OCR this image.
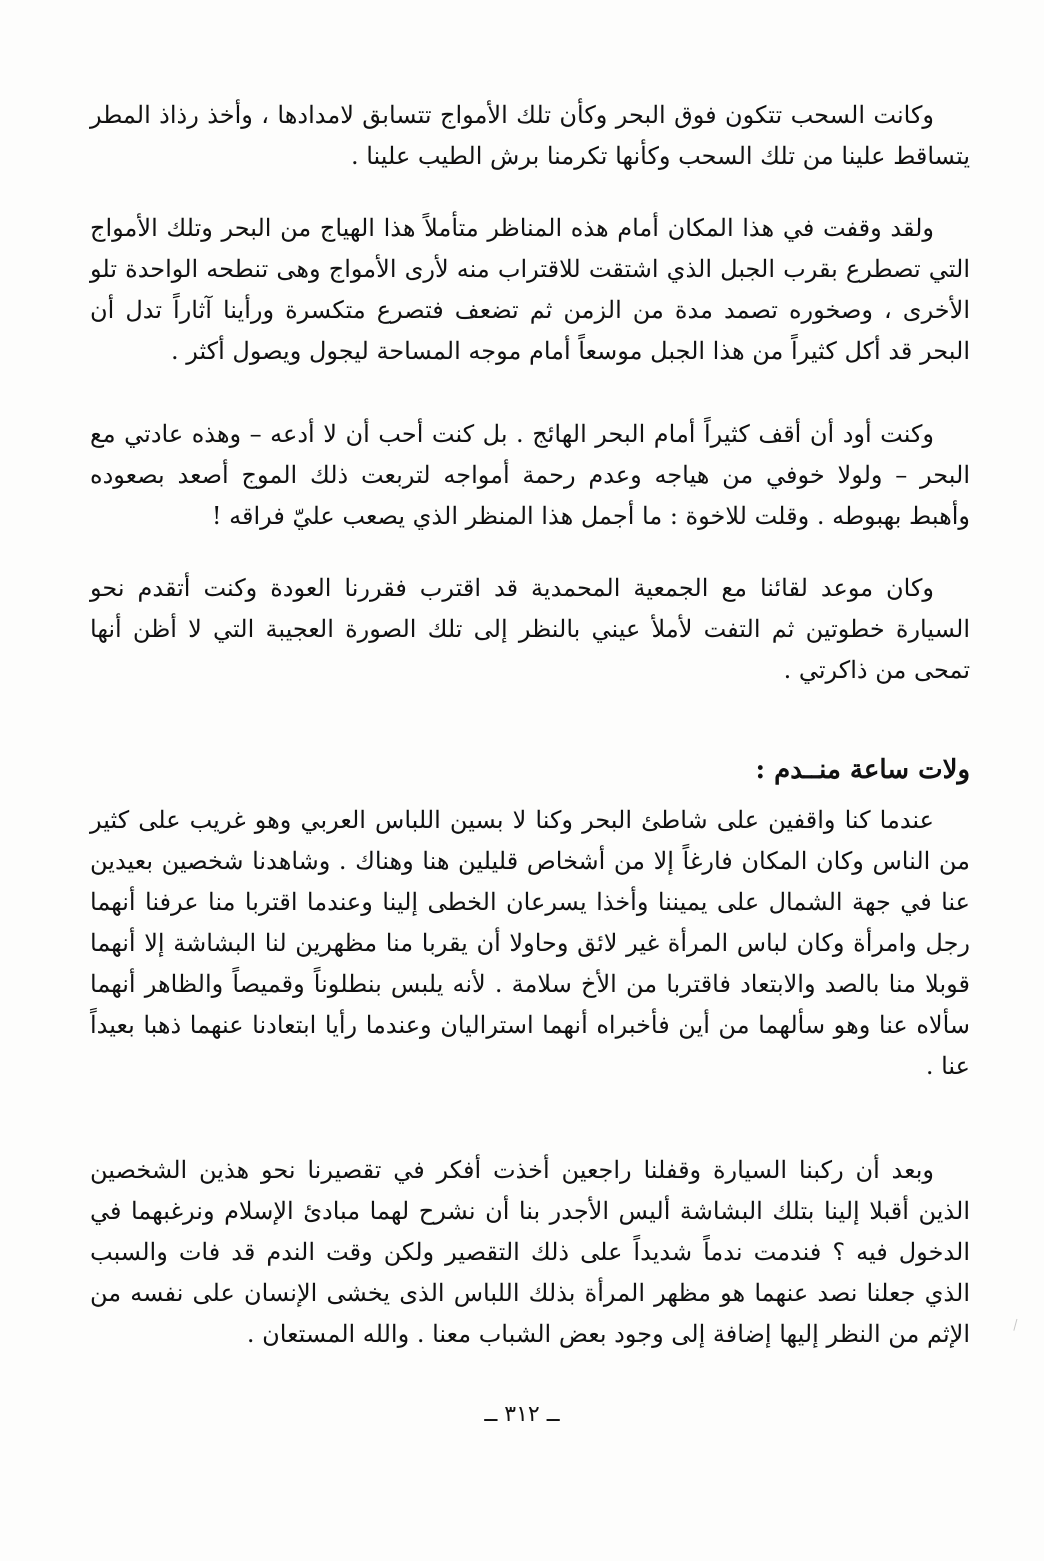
وكانت السحب تتكون فوق البحر وكأن تلك الأمواج تتسابق لامدادها ، وأخذ رذاذ المطر يتساقط علينا من تلك السحب وكأنها تكرمنا برش الطيب علينا .

ولقد وقفت في هذا المكان أمام هذه المناظر متأملاً هذا الهياج من البحر وتلك الأمواج التي تصطرع بقرب الجبل الذي اشتقت للاقتراب منه لأرى الأمواج وهى تنطحه الواحدة تلو الأخرى ، وصخوره تصمد مدة من الزمن ثم تضعف فتصرع متكسرة ورأينا آثاراً تدل أن البحر قد أكل كثيراً من هذا الجبل موسعاً أمام موجه المساحة ليجول ويصول أكثر .

وكنت أود أن أقف كثيراً أمام البحر الهائج . بل كنت أحب أن لا أدعه – وهذه عادتي مع البحر – ولولا خوفي من هياجه وعدم رحمة أمواجه لتربعت ذلك الموج أصعد بصعوده وأهبط بهبوطه . وقلت للاخوة : ما أجمل هذا المنظر الذي يصعب عليّ فراقه !

وكان موعد لقائنا مع الجمعية المحمدية قد اقترب فقررنا العودة وكنت أتقدم نحو السيارة خطوتين ثم التفت لأملأ عيني بالنظر إلى تلك الصورة العجيبة التي لا أظن أنها تمحى من ذاكرتي .

ولات ساعة منــدم :

عندما كنا واقفين على شاطئ البحر وكنا لا بسين اللباس العربي وهو غريب على كثير من الناس وكان المكان فارغاً إلا من أشخاص قليلين هنا وهناك . وشاهدنا شخصين بعيدين عنا في جهة الشمال على يميننا وأخذا يسرعان الخطى إلينا وعندما اقتربا منا عرفنا أنهما رجل وامرأة وكان لباس المرأة غير لائق وحاولا أن يقربا منا مظهرين لنا البشاشة إلا أنهما قوبلا منا بالصد والابتعاد فاقتربا من الأخ سلامة . لأنه يلبس بنطلوناً وقميصاً والظاهر أنهما سألاه عنا وهو سألهما من أين فأخبراه أنهما استراليان وعندما رأيا ابتعادنا عنهما ذهبا بعيداً عنا .

وبعد أن ركبنا السيارة وقفلنا راجعين أخذت أفكر في تقصيرنا نحو هذين الشخصين الذين أقبلا إلينا بتلك البشاشة أليس الأجدر بنا أن نشرح لهما مبادئ الإسلام ونرغبهما في الدخول فيه ؟ فندمت ندماً شديداً على ذلك التقصير ولكن وقت الندم قد فات والسبب الذي جعلنا نصد عنهما هو مظهر المرأة بذلك اللباس الذى يخشى الإنسان على نفسه من الإثم من النظر إليها إضافة إلى وجود بعض الشباب معنا . والله المستعان .

ــ ٣١٢ ــ
